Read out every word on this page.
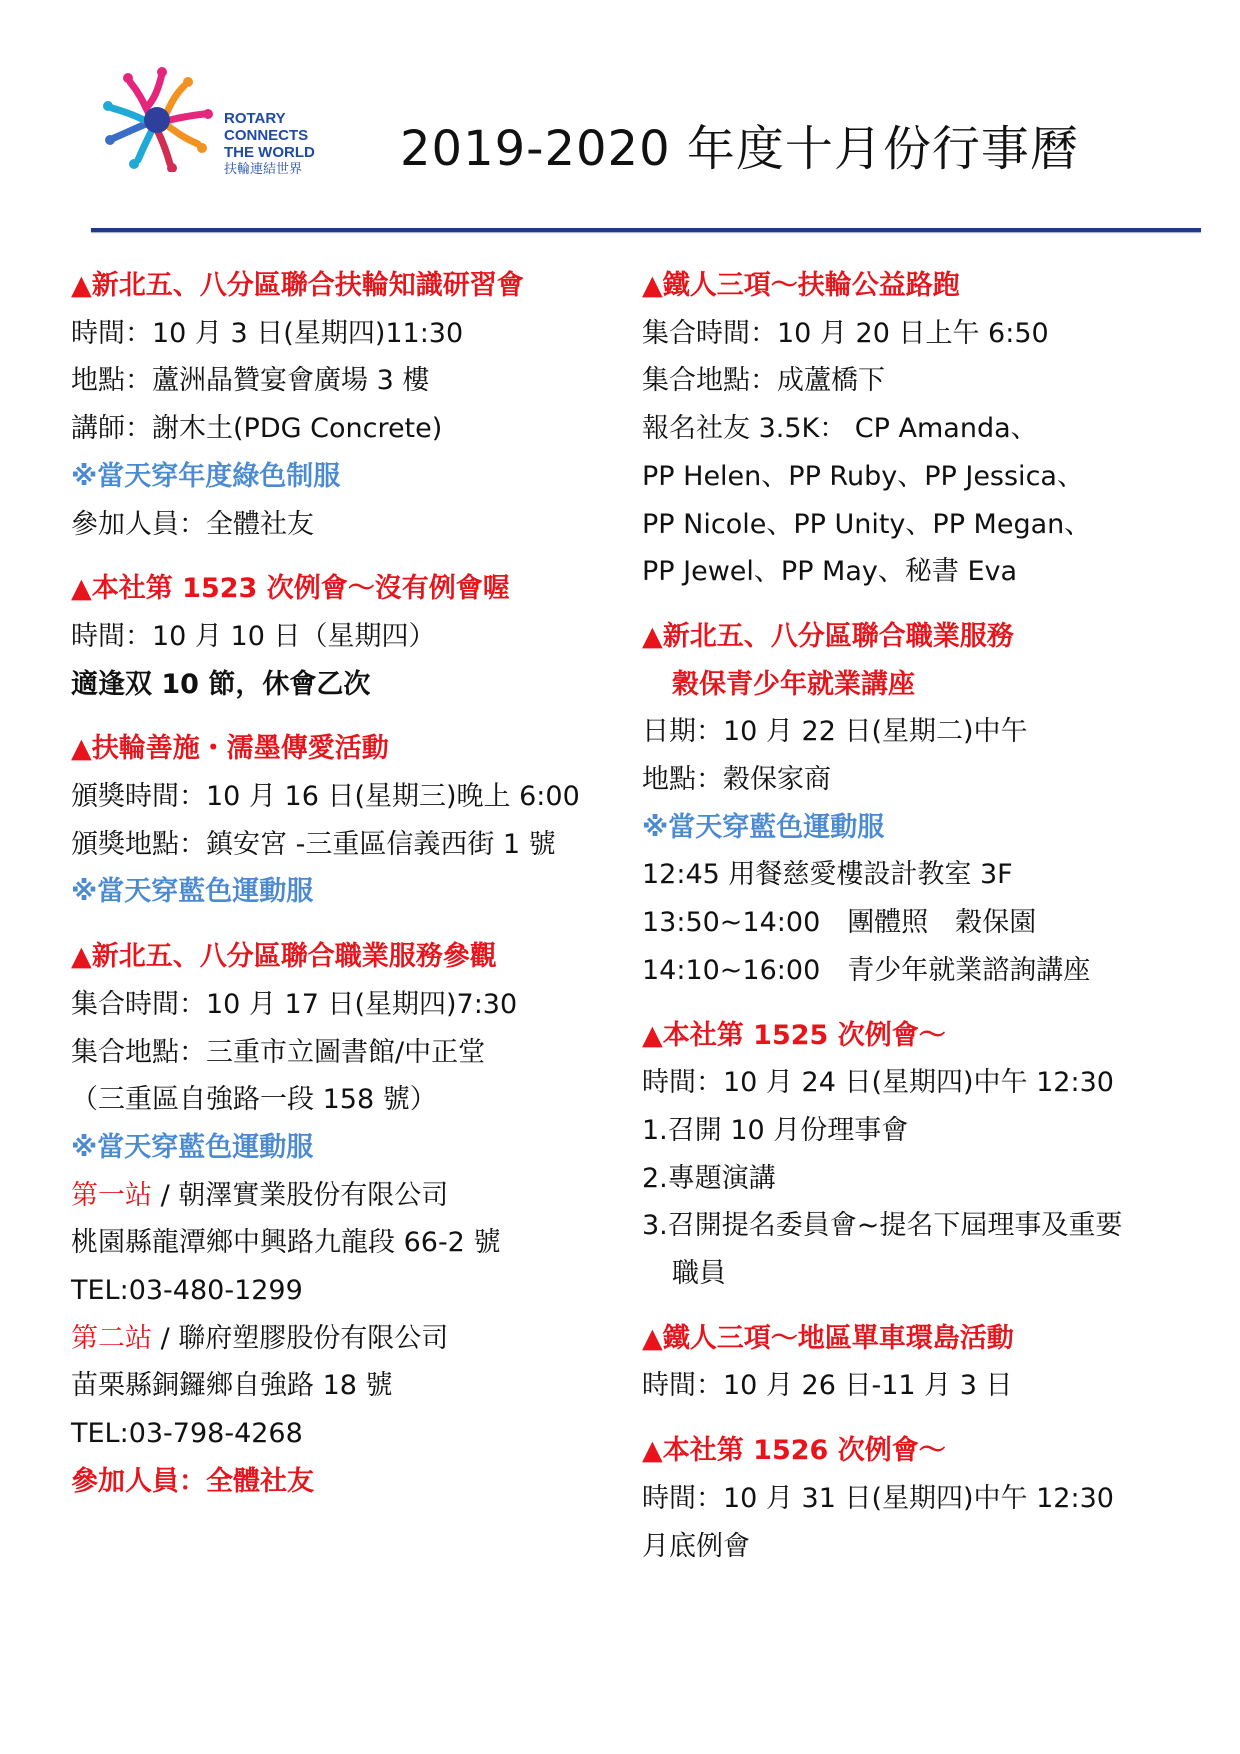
ROTARY
CONNECTS
THE WORLD
扶輪連結世界 2019-2020 年度十月份行事曆
▲新北五、八分區聯合扶輪知識研習會
時間：10 月 3 日(星期四)11:30
地點：蘆洲晶贊宴會廣場 3 樓
講師：謝木土(PDG Concrete)
※當天穿年度綠色制服
參加人員：全體社友
▲本社第 1523 次例會～沒有例會喔
時間：10 月 10 日（星期四）
適逢双 10 節，休會乙次
▲扶輪善施・濡墨傳愛活動
頒獎時間：10 月 16 日(星期三)晚上 6:00
頒獎地點：鎮安宮 -三重區信義西街 1 號
※當天穿藍色運動服
▲新北五、八分區聯合職業服務參觀
集合時間：10 月 17 日(星期四)7:30
集合地點：三重市立圖書館/中正堂
（三重區自強路一段 158 號）
※當天穿藍色運動服
第一站 / 朝澤實業股份有限公司
桃園縣龍潭鄉中興路九龍段 66-2 號
TEL:03-480-1299
第二站 / 聯府塑膠股份有限公司
苗栗縣銅鑼鄉自強路 18 號
TEL:03-798-4268
參加人員：全體社友
▲鐵人三項～扶輪公益路跑
集合時間：10 月 20 日上午 6:50
集合地點：成蘆橋下
報名社友 3.5K： CP Amanda、
PP Helen、PP Ruby、PP Jessica、
PP Nicole、PP Unity、PP Megan、
PP Jewel、PP May、秘書 Eva
▲新北五、八分區聯合職業服務
穀保青少年就業講座
日期：10 月 22 日(星期二)中午
地點：穀保家商
※當天穿藍色運動服
12:45 用餐慈愛樓設計教室 3F
13:50~14:00　團體照　穀保園
14:10~16:00　青少年就業諮詢講座
▲本社第 1525 次例會～
時間：10 月 24 日(星期四)中午 12:30
1.召開 10 月份理事會
2.專題演講
3.召開提名委員會~提名下屆理事及重要
職員
▲鐵人三項～地區單車環島活動
時間：10 月 26 日-11 月 3 日
▲本社第 1526 次例會～
時間：10 月 31 日(星期四)中午 12:30
月底例會
